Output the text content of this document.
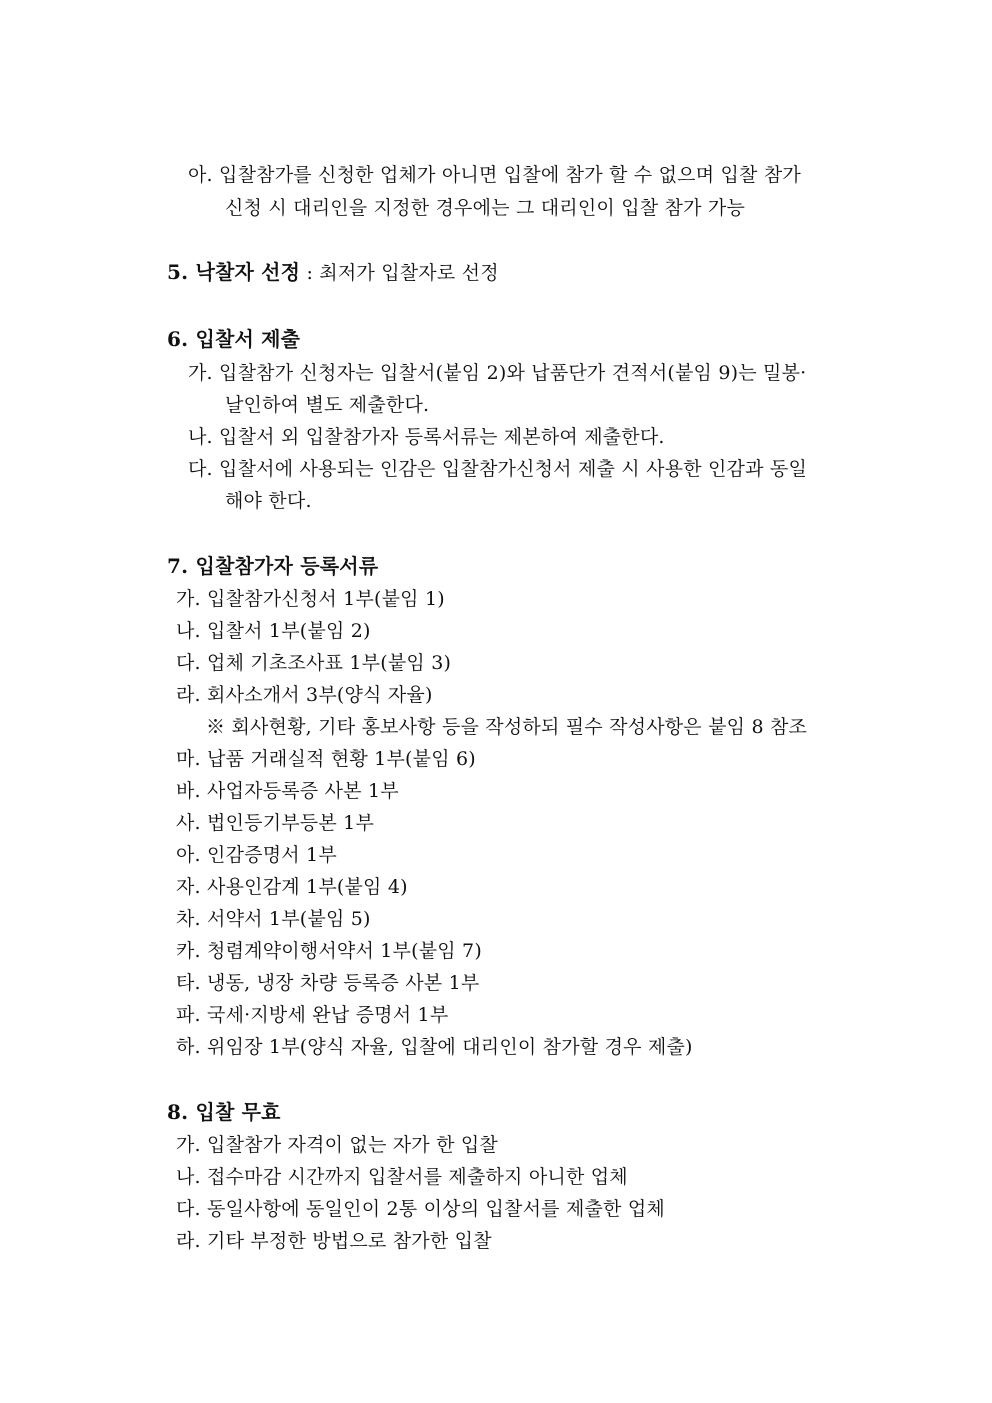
아. 입찰참가를 신청한 업체가 아니면 입찰에 참가 할 수 없으며 입찰 참가
신청 시 대리인을 지정한 경우에는 그 대리인이 입찰 참가 가능
5. 낙찰자 선정 : 최저가 입찰자로 선정
6. 입찰서 제출
가. 입찰참가 신청자는 입찰서(붙임 2)와 납품단가 견적서(붙임 9)는 밀봉·
날인하여 별도 제출한다.
나. 입찰서 외 입찰참가자 등록서류는 제본하여 제출한다.
다. 입찰서에 사용되는 인감은 입찰참가신청서 제출 시 사용한 인감과 동일
해야 한다.
7. 입찰참가자 등록서류
가. 입찰참가신청서 1부(붙임 1)
나. 입찰서 1부(붙임 2)
다. 업체 기초조사표 1부(붙임 3)
라. 회사소개서 3부(양식 자율)
※ 회사현황, 기타 홍보사항 등을 작성하되 필수 작성사항은 붙임 8 참조
마. 납품 거래실적 현황 1부(붙임 6)
바. 사업자등록증 사본 1부
사. 법인등기부등본 1부
아. 인감증명서 1부
자. 사용인감계 1부(붙임 4)
차. 서약서 1부(붙임 5)
카. 청렴계약이행서약서 1부(붙임 7)
타. 냉동, 냉장 차량 등록증 사본 1부
파. 국세·지방세 완납 증명서 1부
하. 위임장 1부(양식 자율, 입찰에 대리인이 참가할 경우 제출)
8. 입찰 무효
가. 입찰참가 자격이 없는 자가 한 입찰
나. 접수마감 시간까지 입찰서를 제출하지 아니한 업체
다. 동일사항에 동일인이 2통 이상의 입찰서를 제출한 업체
라. 기타 부정한 방법으로 참가한 입찰
